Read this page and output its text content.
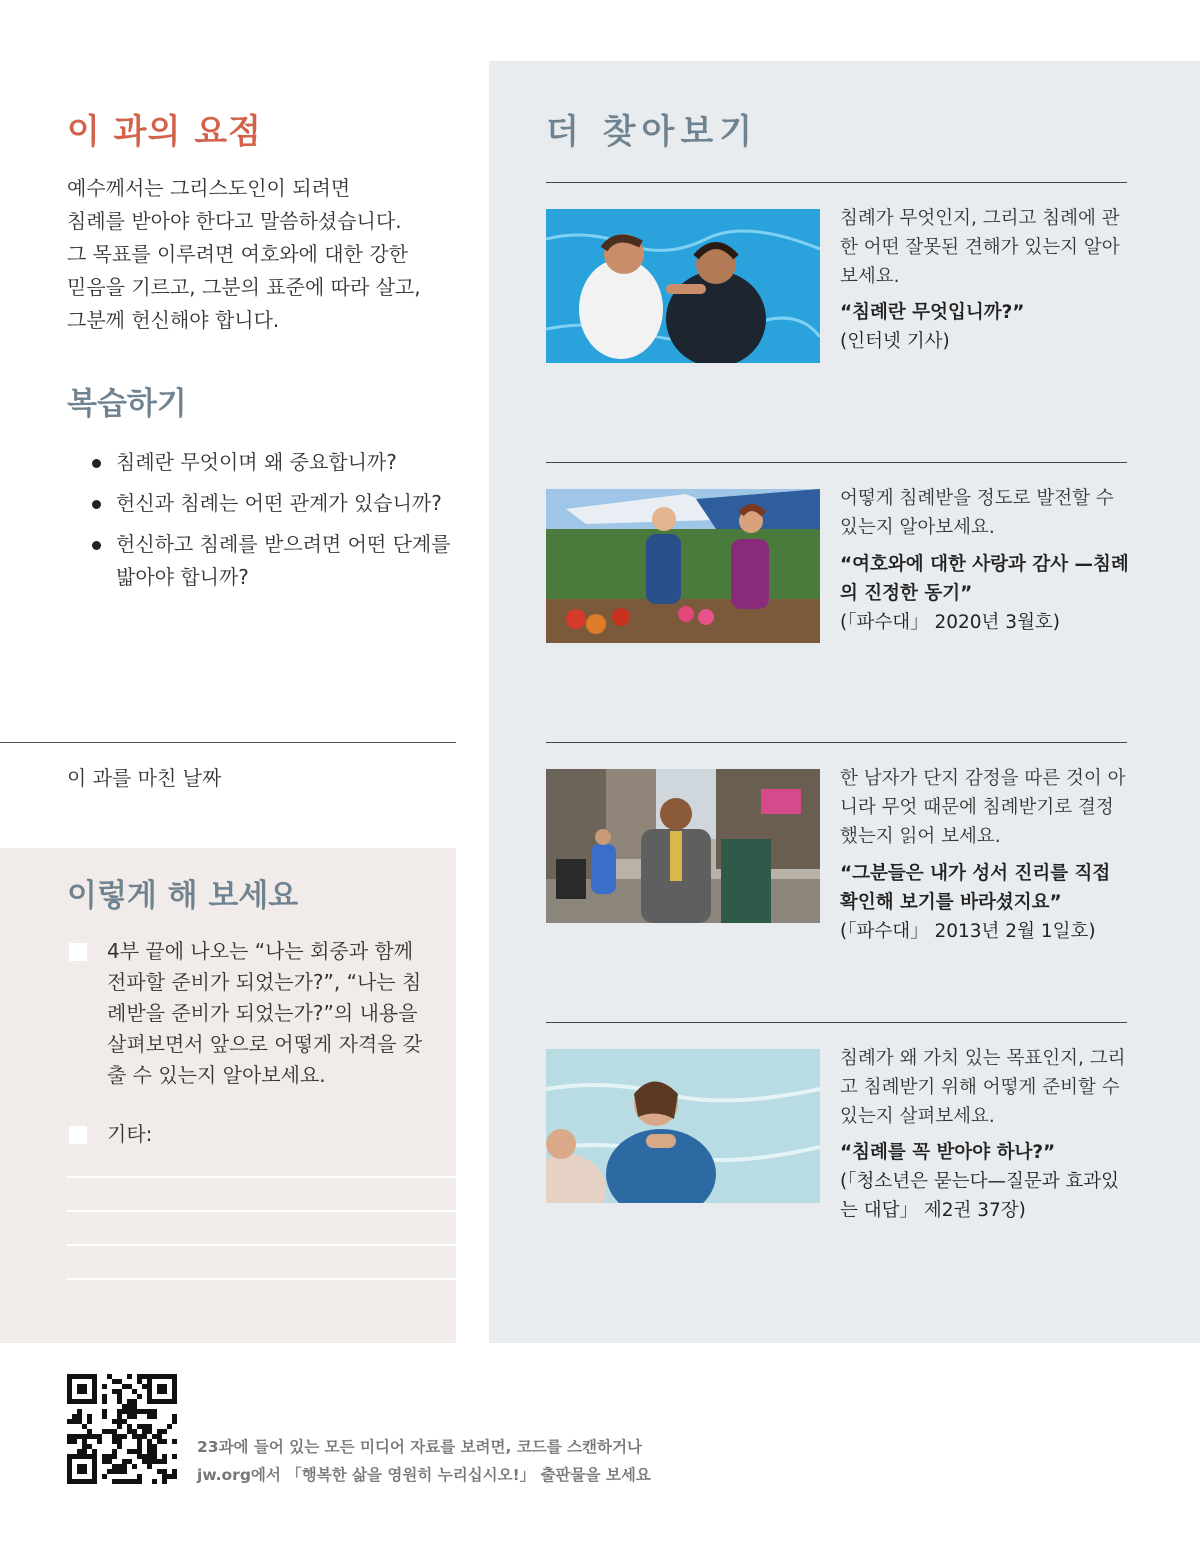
이 과의 요점
예수께서는 그리스도인이 되려면
침례를 받아야 한다고 말씀하셨습니다.
그 목표를 이루려면 여호와에 대한 강한
믿음을 기르고, 그분의 표준에 따라 살고,
그분께 헌신해야 합니다.
복습하기
침례란 무엇이며 왜 중요합니까?
헌신과 침례는 어떤 관계가 있습니까?
헌신하고 침례를 받으려면 어떤 단계를 밟아야 합니까?
이 과를 마친 날짜
이렇게 해 보세요
4부 끝에 나오는 “나는 회중과 함께 전파할 준비가 되었는가?”, “나는 침례받을 준비가 되었는가?”의 내용을 살펴보면서 앞으로 어떻게 자격을 갖출 수 있는지 알아보세요.
기타:
더 찾아보기
침례가 무엇인지, 그리고 침례에 관한 어떤 잘못된 견해가 있는지 알아보세요.
“침례란 무엇입니까?”
(인터넷 기사)
어떻게 침례받을 정도로 발전할 수 있는지 알아보세요.
“여호와에 대한 사랑과 감사 —침례의 진정한 동기”
(「파수대」 2020년 3월호)
한 남자가 단지 감정을 따른 것이 아니라 무엇 때문에 침례받기로 결정했는지 읽어 보세요.
“그분들은 내가 성서 진리를 직접 확인해 보기를 바라셨지요”
(「파수대」 2013년 2월 1일호)
침례가 왜 가치 있는 목표인지, 그리고 침례받기 위해 어떻게 준비할 수 있는지 살펴보세요.
“침례를 꼭 받아야 하나?”
(「청소년은 묻는다—질문과 효과있는 대답」 제2권 37장)
23과에 들어 있는 모든 미디어 자료를 보려면, 코드를 스캔하거나
jw.org에서 「행복한 삶을 영원히 누리십시오!」 출판물을 보세요
